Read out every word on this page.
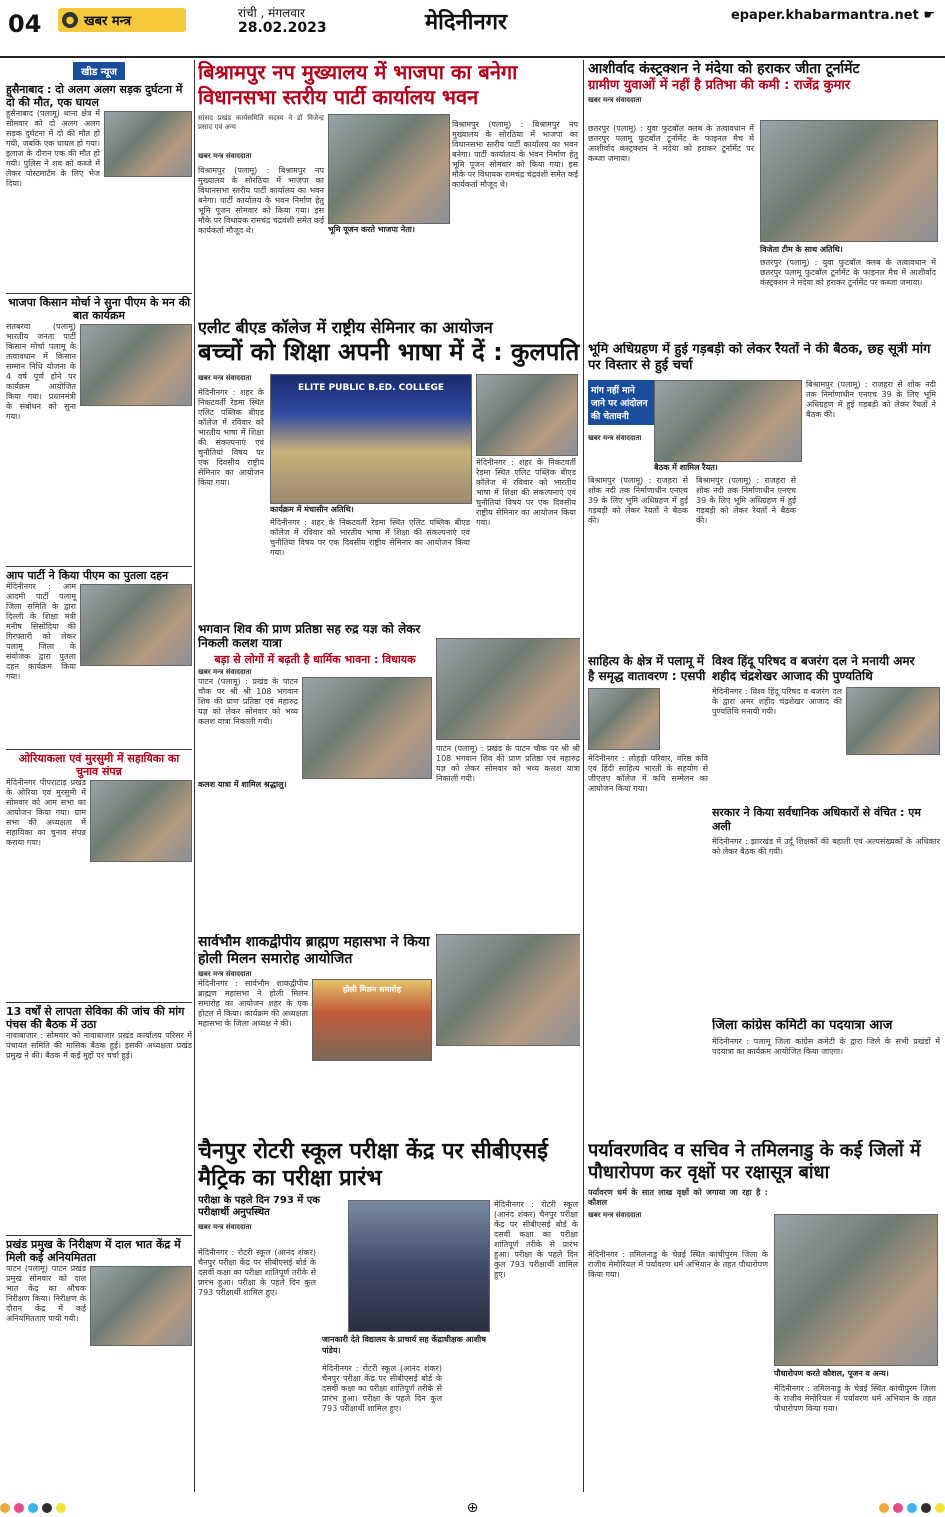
04	● खबर मन्त्र
रांची , मंगलवार
28.02.2023	मेदिनीनगर	epaper.khabarmantra.net ☛
खीड न्यूज

हुसैनाबाद : दो अलग अलग सड़क दुर्घटना में दो की मौत, एक घायल

हुसैनाबाद (पलामू) थाना क्षेत्र में सोमवार को दो अलग अलग सड़क दुर्घटना में दो की मौत हो गयी, जबकि एक घायल हो गया। इलाज के दौरान एक की मौत हो गयी। पुलिस ने शव को कब्जे में लेकर पोस्टमार्टम के लिए भेज दिया।

भाजपा किसान मोर्चा ने सुना पीएम के मन की बात कार्यक्रम

सतबरवा (पलामू) भारतीय जनता पार्टी किसान मोर्चा पलामू के तत्वावधान में किसान सम्मान निधि योजना के 4 वर्ष पूर्ण होने पर कार्यक्रम आयोजित किया गया। प्रधानमंत्री के संबोधन को सुना गया।

आप पार्टी ने किया पीएम का पुतला दहन

मेदिनीनगर : आम आदमी पार्टी पलामू जिला समिति के द्वारा दिल्ली के शिक्षा मंत्री मनीष सिसोदिया की गिरफ्तारी को लेकर पलामू जिला के संयोजक द्वारा पुतला दहन कार्यक्रम किया गया।

ओरियाकला एवं मुरसुमी में सहायिका का चुनाव संपन्न

मेदिनीनगर पीपराटाड़ प्रखंड के ओरिया एवं मुरसुमी में सोमवार को आम सभा का आयोजन किया गया। ग्राम सभा की अध्यक्षता में सहायिका का चुनाव संपन्न कराया गया।

13 वर्षों से लापता सेविका की जांच की मांग पंचस की बैठक में उठा

नावाबाजार : सोमवार को नावाबाजार प्रखंड कार्यालय परिसर में पंचायत समिति की मासिक बैठक हुई। इसकी अध्यक्षता प्रखंड प्रमुख ने की। बैठक में कई मुद्दों पर चर्चा हुई।

प्रखंड प्रमुख के निरीक्षण में दाल भात केंद्र में मिली कई अनियमितता

पाटन (पलामू) पाटन प्रखंड प्रमुख सोमवार को दाल भात केंद्र का औचक निरीक्षण किया। निरीक्षण के दौरान केंद्र में कई अनियमितताएं पायी गयी।

बिश्रामपुर नप मुख्यालय में भाजपा का बनेगा विधानसभा स्तरीय पार्टी कार्यालय भवन

सांसद प्रखंड कार्यसमिति सदस्य ने डॉ विजेन्द्र प्रसाद एवं अन्य

भूमि पूजन करते भाजपा नेता।
खबर मन्त्र संवाददाता

विश्रामपुर (पलामू) : बिश्रामपुर नप मुख्यालय के सोरठिया में भाजपा का विधानसभा स्तरीय पार्टी कार्यालय का भवन बनेगा। पार्टी कार्यालय के भवन निर्माण हेतु भूमि पूजन सोमवार को किया गया। इस मौके पर विधायक रामचंद्र चंद्रवंशी समेत कई कार्यकर्ता मौजूद थे।

विश्रामपुर (पलामू) : बिश्रामपुर नप मुख्यालय के सोरठिया में भाजपा का विधानसभा स्तरीय पार्टी कार्यालय का भवन बनेगा। पार्टी कार्यालय के भवन निर्माण हेतु भूमि पूजन सोमवार को किया गया। इस मौके पर विधायक रामचंद्र चंद्रवंशी समेत कई कार्यकर्ता मौजूद थे।

एलीट बीएड कॉलेज में राष्ट्रीय सेमिनार का आयोजन

बच्चों को शिक्षा अपनी भाषा में दें : कुलपति

खबर मन्त्र संवाददाता

मेदिनीनगर : शहर के निकटवर्ती रेड़मा स्थित एलिट पब्लिक बीएड कॉलेज में रविवार को भारतीय भाषा में शिक्षा की संकल्पनाएं एवं चुनौतियां विषय पर एक दिवसीय राष्ट्रीय सेमिनार का आयोजन किया गया।

ELITE PUBLIC B.ED. COLLEGE
कार्यक्रम में मंचासीन अतिथि।

मेदिनीनगर : शहर के निकटवर्ती रेड़मा स्थित एलिट पब्लिक बीएड कॉलेज में रविवार को भारतीय भाषा में शिक्षा की संकल्पनाएं एवं चुनौतियां विषय पर एक दिवसीय राष्ट्रीय सेमिनार का आयोजन किया गया।

मेदिनीनगर : शहर के निकटवर्ती रेड़मा स्थित एलिट पब्लिक बीएड कॉलेज में रविवार को भारतीय भाषा में शिक्षा की संकल्पनाएं एवं चुनौतियां विषय पर एक दिवसीय राष्ट्रीय सेमिनार का आयोजन किया गया।

भगवान शिव की प्राण प्रतिष्ठा सह रुद्र यज्ञ को लेकर निकली कलश यात्रा

बड़ा से लोगों में बढ़ती है धार्मिक भावना : विधायक

खबर मन्त्र संवाददाता

पाटन (पलामू) : प्रखंड के पाटन चौक पर श्री श्री 108 भगवान शिव की प्राण प्रतिष्ठा एवं महारुद्र यज्ञ को लेकर सोमवार को भव्य कलश यात्रा निकाली गयी।

कलश यात्रा में शामिल श्रद्धालु।

पाटन (पलामू) : प्रखंड के पाटन चौक पर श्री श्री 108 भगवान शिव की प्राण प्रतिष्ठा एवं महारुद्र यज्ञ को लेकर सोमवार को भव्य कलश यात्रा निकाली गयी।

सार्वभौम शाकद्वीपीय ब्राह्मण महासभा ने किया होली मिलन समारोह आयोजित

खबर मन्त्र संवाददाता

मेदिनीनगर : सार्वभौम शाकद्वीपीय ब्राह्मण महासभा ने होली मिलन समारोह का आयोजन शहर के एक होटल में किया। कार्यक्रम की अध्यक्षता महासभा के जिला अध्यक्ष ने की।

होली मिलन समारोह

चैनपुर रोटरी स्कूल परीक्षा केंद्र पर सीबीएसई मैट्रिक का परीक्षा प्रारंभ

परीक्षा के पहले दिन 793 में एक परीक्षार्थी अनुपस्थित

खबर मन्त्र संवाददाता

मेदिनीनगर : रोटरी स्कूल (आनंद शंकर) चैनपुर परीक्षा केंद्र पर सीबीएसई बोर्ड के दसवीं कक्षा का परीक्षा शांतिपूर्ण तरीके से प्रारंभ हुआ। परीक्षा के पहले दिन कुल 793 परीक्षार्थी शामिल हुए।

जानकारी देते विद्यालय के प्राचार्य सह केंद्राधीक्षक आशीष पांडेय।

मेदिनीनगर : रोटरी स्कूल (आनंद शंकर) चैनपुर परीक्षा केंद्र पर सीबीएसई बोर्ड के दसवीं कक्षा का परीक्षा शांतिपूर्ण तरीके से प्रारंभ हुआ। परीक्षा के पहले दिन कुल 793 परीक्षार्थी शामिल हुए।

मेदिनीनगर : रोटरी स्कूल (आनंद शंकर) चैनपुर परीक्षा केंद्र पर सीबीएसई बोर्ड के दसवीं कक्षा का परीक्षा शांतिपूर्ण तरीके से प्रारंभ हुआ। परीक्षा के पहले दिन कुल 793 परीक्षार्थी शामिल हुए।

आशीर्वाद कंस्ट्रक्शन ने मंदेया को हराकर जीता टूर्नामेंट

ग्रामीण युवाओं में नहीं है प्रतिभा की कमी : राजेंद्र कुमार

खबर मन्त्र संवाददाता

छतरपुर (पलामू) : युवा फुटबॉल क्लब के तत्वावधान में छतरपुर पलामू फुटबॉल टूर्नामेंट के फाइनल मैच में आशीर्वाद कंस्ट्रक्शन ने मंदेया को हराकर टूर्नामेंट पर कब्जा जमाया।

विजेता टीम के साथ अतिथि।

छतरपुर (पलामू) : युवा फुटबॉल क्लब के तत्वावधान में छतरपुर पलामू फुटबॉल टूर्नामेंट के फाइनल मैच में आशीर्वाद कंस्ट्रक्शन ने मंदेया को हराकर टूर्नामेंट पर कब्जा जमाया।

भूमि अधिग्रहण में हुई गड़बड़ी को लेकर रैयतों ने की बैठक, छह सूत्री मांग पर विस्तार से हुई चर्चा

मांग नहीं माने जाने पर आंदोलन की चेतावनी
बैठक में शामिल रैयत।
खबर मन्त्र संवाददाता

बिश्रामपुर (पलामू) : राजहरा से शोक नदी तक निर्माणाधीन एनएच 39 के लिए भूमि अधिग्रहण में हुई गड़बड़ी को लेकर रैयतों ने बैठक की।

बिश्रामपुर (पलामू) : राजहरा से शोक नदी तक निर्माणाधीन एनएच 39 के लिए भूमि अधिग्रहण में हुई गड़बड़ी को लेकर रैयतों ने बैठक की।

बिश्रामपुर (पलामू) : राजहरा से शोक नदी तक निर्माणाधीन एनएच 39 के लिए भूमि अधिग्रहण में हुई गड़बड़ी को लेकर रैयतों ने बैठक की।

साहित्य के क्षेत्र में पलामू में है समृद्ध वातावरण : एसपी

मेदिनीनगर : लोहड़ी परिवार, वरिष्ठ कवि एवं हिंदी साहित्य भारती के सहयोग से जीएलए कॉलेज में कवि सम्मेलन का आयोजन किया गया।

विश्व हिंदू परिषद व बजरंग दल ने मनायी अमर शहीद चंद्रशेखर आजाद की पुण्यतिथि

मेदिनीनगर : विश्व हिंदू परिषद व बजरंग दल के द्वारा अमर शहीद चंद्रशेखर आजाद की पुण्यतिथि मनायी गयी।

सरकार ने किया सर्वधानिक अधिकारों से वंचित : एम अली

मेदिनीनगर : झारखंड में उर्दू शिक्षकों की बहाली एवं अल्पसंख्यकों के अधिकार को लेकर बैठक की गयी।

जिला कांग्रेस कमिटी का पदयात्रा आज

मेदिनीनगर : पलामू जिला कांग्रेस कमेटी के द्वारा जिले के सभी प्रखंडों में पदयात्रा का कार्यक्रम आयोजित किया जाएगा।

पर्यावरणविद व सचिव ने तमिलनाडु के कई जिलों में पौधारोपण कर वृक्षों पर रक्षासूत्र बांधा

पर्यावरण धर्म के सात लाख वृक्षों को जगाया जा रहा है : कौशल

खबर मन्त्र संवाददाता

मेदिनीनगर : तमिलनाडु के चेन्नई स्थित कांचीपुरम जिला के राजीव मेमोरियल में पर्यावरण धर्म अभियान के तहत पौधारोपण किया गया।

पौधारोपण करते कौशल, पूजन व अन्य।

मेदिनीनगर : तमिलनाडु के चेन्नई स्थित कांचीपुरम जिला के राजीव मेमोरियल में पर्यावरण धर्म अभियान के तहत पौधारोपण किया गया।

⊕
